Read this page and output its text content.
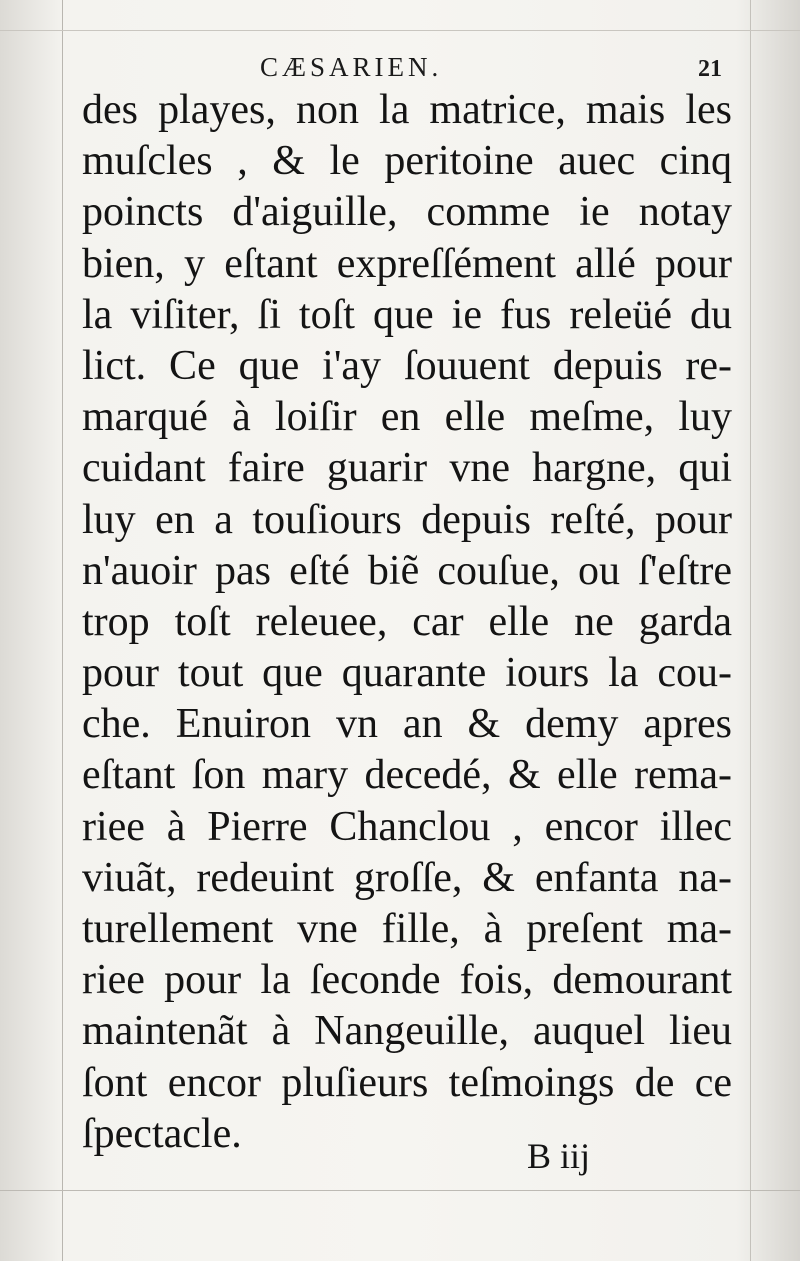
CÆSARIEN.	21
des playes, non la matrice, mais les
muſcles , & le peritoine auec cinq
poincts d'aiguille, comme ie notay
bien, y eſtant expreſſément allé pour
la viſiter, ſi toſt que ie fus releüé du
lict. Ce que i'ay ſouuent depuis re-
marqué à loiſir en elle meſme, luy
cuidant faire guarir vne hargne, qui
luy en a touſiours depuis reſté, pour
n'auoir pas eſté biẽ couſue, ou ſ'eſtre
trop toſt releuee, car elle ne garda
pour tout que quarante iours la cou-
che. Enuiron vn an & demy apres
eſtant ſon mary decedé, & elle rema-
riee à Pierre Chanclou , encor illec
viuãt, redeuint groſſe, & enfanta na-
turellement vne fille, à preſent ma-
riee pour la ſeconde fois, demourant
maintenãt à Nangeuille, auquel lieu
ſont encor pluſieurs teſmoings de ce
ſpectacle.	B iij
